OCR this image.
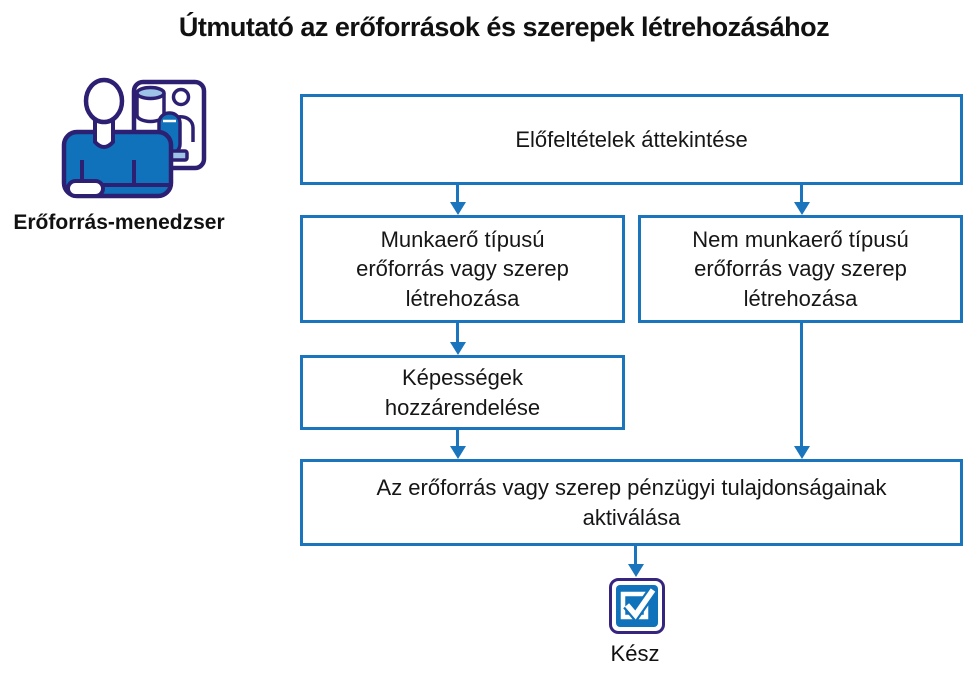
Útmutató az erőforrások és szerepek létrehozásához
Erőforrás-menedzser
Előfeltételek áttekintése
Munkaerő típusú erőforrás vagy szerep létrehozása
Nem munkaerő típusú erőforrás vagy szerep létrehozása
Képességek hozzárendelése
Az erőforrás vagy szerep pénzügyi tulajdonságainak aktiválása
Kész
